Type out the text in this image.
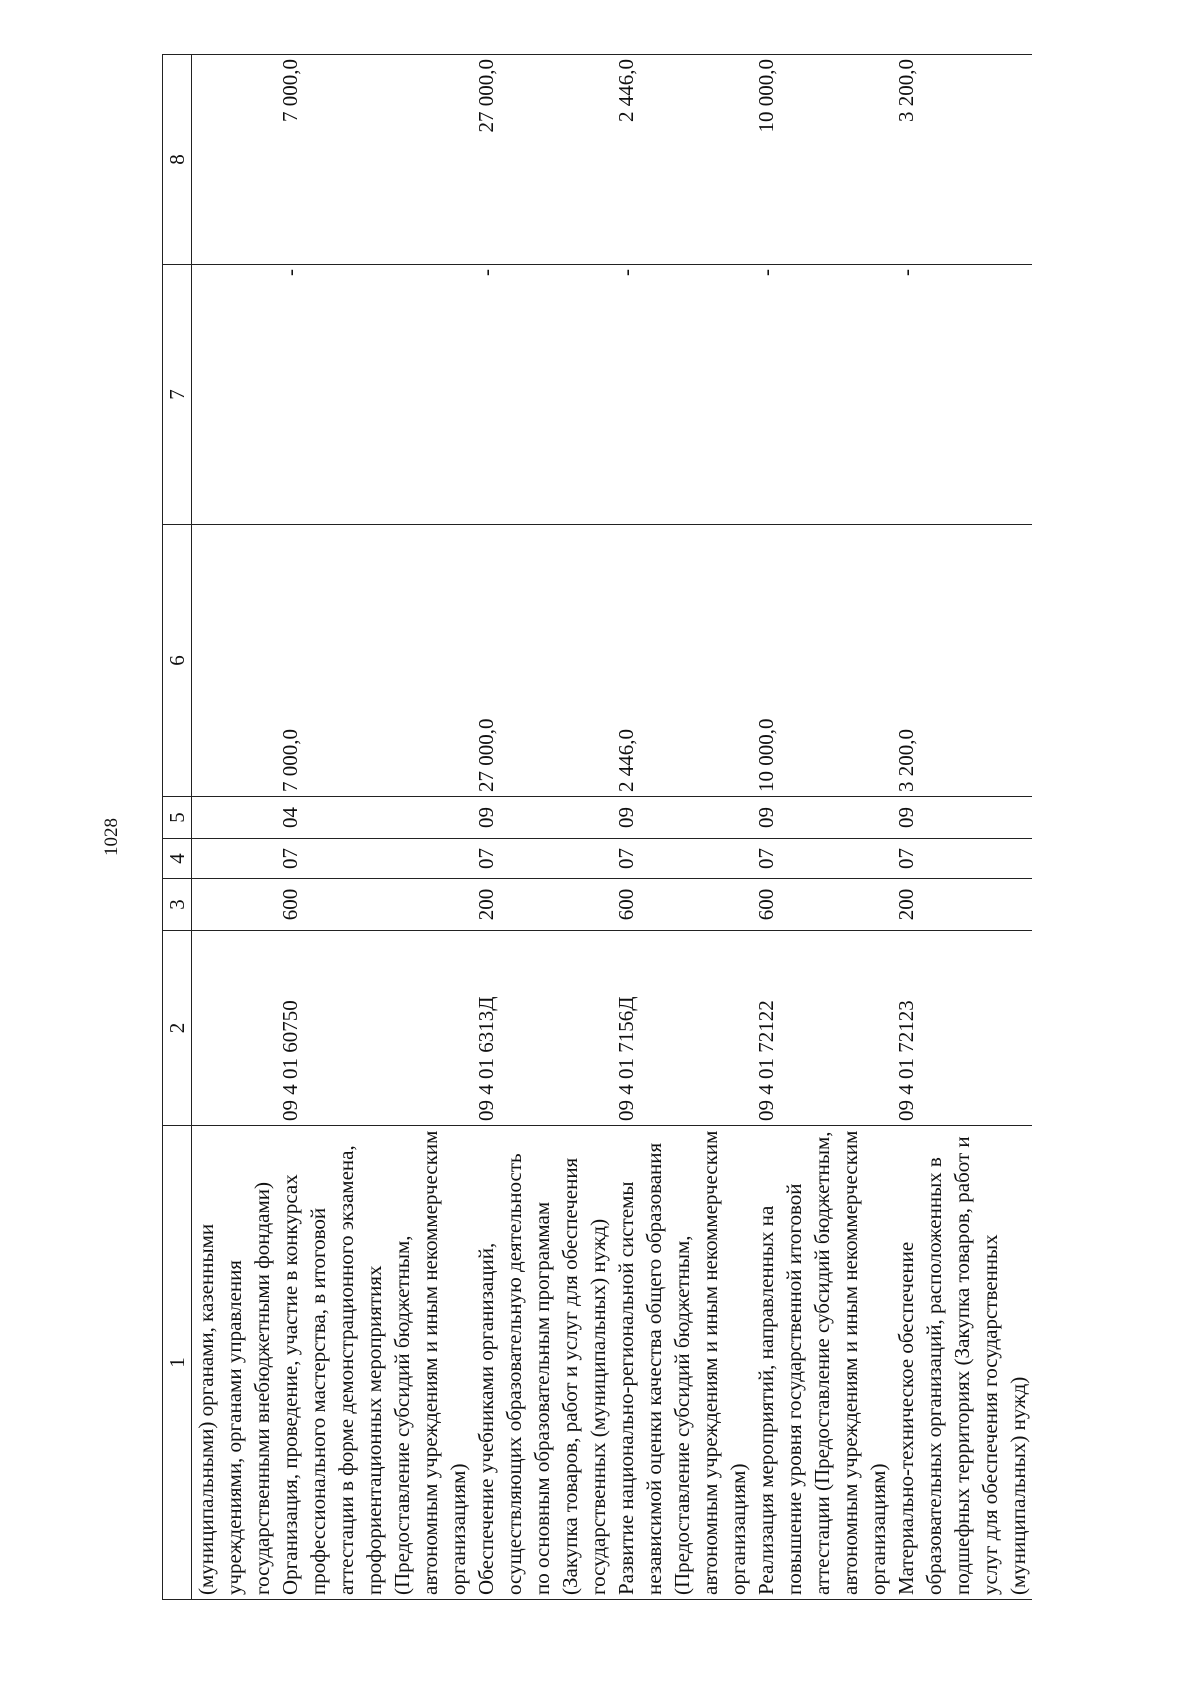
1028
1	2	3	4	5	6	7	8
(муниципальными) органами, казенными учреждениями, органами управления государственными внебюджетными фондами)							
Организация, проведение, участие в конкурсах профессионального мастерства, в итоговой аттестации в форме демонстрационного экзамена, профориентационных мероприятиях (Предоставление субсидий бюджетным, автономным учреждениям и иным некоммерческим организациям)	09 4 01 60750	600	07	04	7 000,0	-	7 000,0
Обеспечение учебниками организаций, осуществляющих образовательную деятельность по основным образовательным программам (Закупка товаров, работ и услуг для обеспечения государственных (муниципальных) нужд)	09 4 01 6313Д	200	07	09	27 000,0	-	27 000,0
Развитие национально-региональной системы независимой оценки качества общего образования (Предоставление субсидий бюджетным, автономным учреждениям и иным некоммерческим организациям)	09 4 01 7156Д	600	07	09	2 446,0	-	2 446,0
Реализация мероприятий, направленных на повышение уровня государственной итоговой аттестации (Предоставление субсидий бюджетным, автономным учреждениям и иным некоммерческим организациям)	09 4 01 72122	600	07	09	10 000,0	-	10 000,0
Материально-техническое обеспечение образовательных организаций, расположенных в подшефных территориях (Закупка товаров, работ и услуг для обеспечения государственных (муниципальных) нужд)	09 4 01 72123	200	07	09	3 200,0	-	3 200,0
